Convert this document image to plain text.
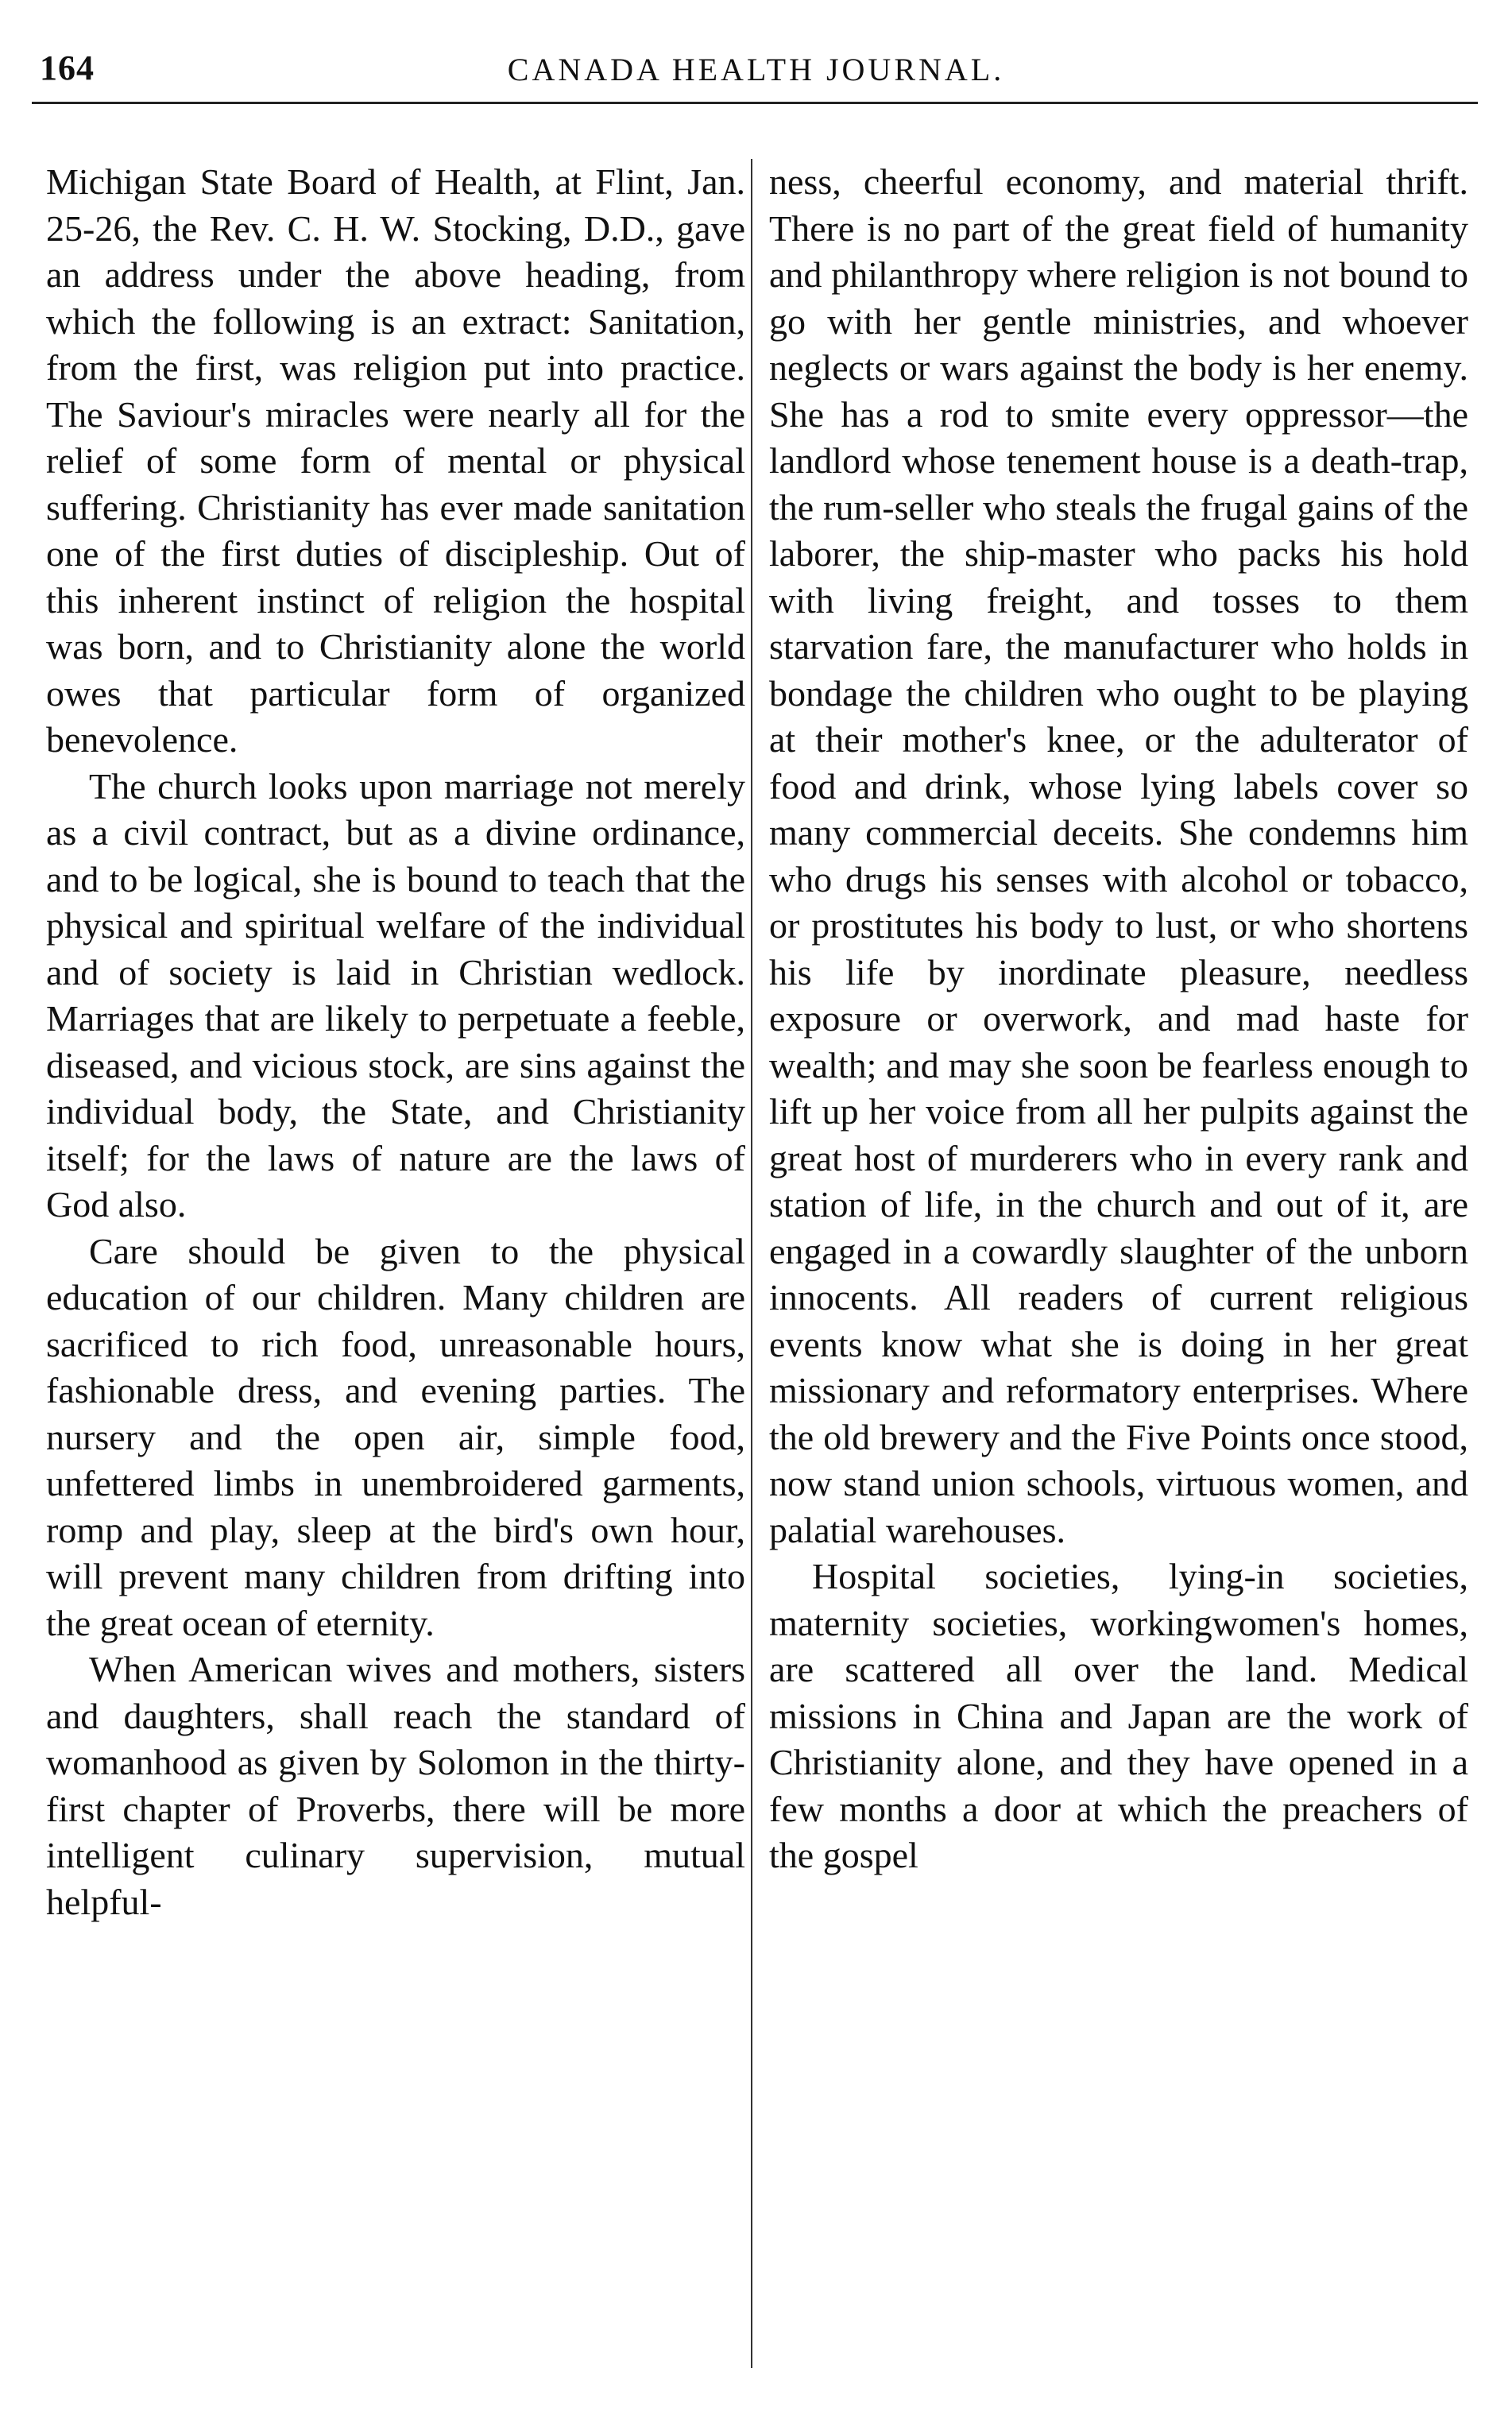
164	CANADA HEALTH JOURNAL.

Michigan State Board of Health, at Flint, Jan. 25-26, the Rev. C. H. W. Stocking, D.D., gave an address under the above heading, from which the following is an extract: Sanitation, from the first, was religion put into practice. The Saviour's miracles were nearly all for the relief of some form of mental or physical suffering. Christianity has ever made sanitation one of the first duties of discipleship. Out of this inherent instinct of religion the hospital was born, and to Christianity alone the world owes that particular form of organized benevolence.

The church looks upon marriage not merely as a civil contract, but as a divine ordinance, and to be logical, she is bound to teach that the physical and spiritual welfare of the individual and of society is laid in Christian wedlock. Marriages that are likely to perpetuate a feeble, diseased, and vicious stock, are sins against the individual body, the State, and Christianity itself; for the laws of nature are the laws of God also.

Care should be given to the physical education of our children. Many children are sacrificed to rich food, unreasonable hours, fashionable dress, and evening parties. The nursery and the open air, simple food, unfettered limbs in unembroidered garments, romp and play, sleep at the bird's own hour, will prevent many children from drifting into the great ocean of eternity.

When American wives and mothers, sisters and daughters, shall reach the standard of womanhood as given by Solomon in the thirty-first chapter of Proverbs, there will be more intelligent culinary supervision, mutual helpful-

ness, cheerful economy, and material thrift. There is no part of the great field of humanity and philanthropy where religion is not bound to go with her gentle ministries, and whoever neglects or wars against the body is her enemy. She has a rod to smite every oppressor—the landlord whose tenement house is a death-trap, the rum-seller who steals the frugal gains of the laborer, the ship-master who packs his hold with living freight, and tosses to them starvation fare, the manufacturer who holds in bondage the children who ought to be playing at their mother's knee, or the adulterator of food and drink, whose lying labels cover so many commercial deceits. She condemns him who drugs his senses with alcohol or tobacco, or prostitutes his body to lust, or who shortens his life by inordinate pleasure, needless exposure or overwork, and mad haste for wealth; and may she soon be fearless enough to lift up her voice from all her pulpits against the great host of murderers who in every rank and station of life, in the church and out of it, are engaged in a cowardly slaughter of the unborn innocents. All readers of current religious events know what she is doing in her great missionary and reformatory enterprises. Where the old brewery and the Five Points once stood, now stand union schools, virtuous women, and palatial warehouses.

Hospital societies, lying-in societies, maternity societies, workingwomen's homes, are scattered all over the land. Medical missions in China and Japan are the work of Christianity alone, and they have opened in a few months a door at which the preachers of the gospel
